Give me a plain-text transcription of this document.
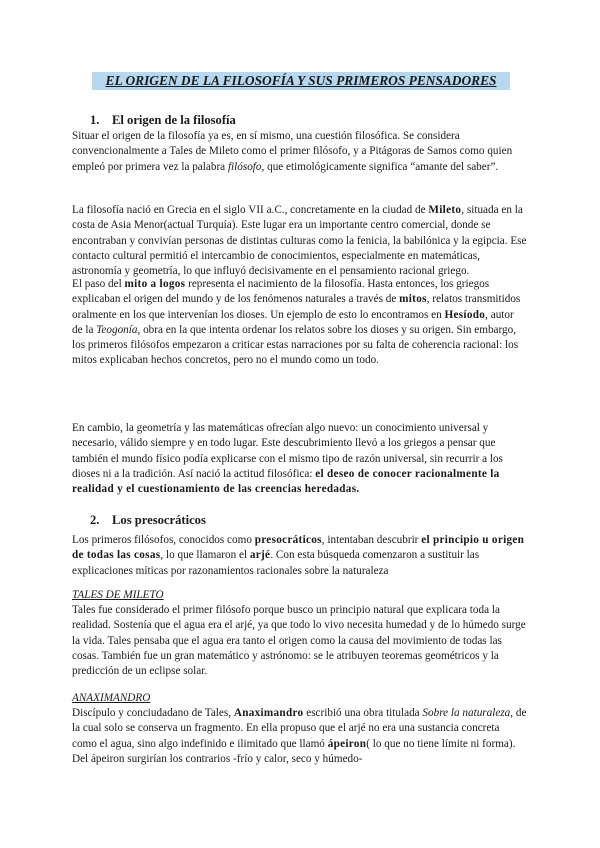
EL ORIGEN DE LA FILOSOFÍA Y SUS PRIMEROS PENSADORES
1. El origen de la filosofía

Situar el origen de la filosofía ya es, en sí mismo, una cuestión filosófica. Se considera convencionalmente a Tales de Mileto como el primer filósofo, y a Pitágoras de Samos como quien empleó por primera vez la palabra filósofo, que etimológicamente significa “amante del saber”.

La filosofía nació en Grecia en el siglo VII a.C., concretamente en la ciudad de Mileto, situada en la costa de Asia Menor(actual Turquía). Este lugar era un importante centro comercial, donde se encontraban y convivían personas de distintas culturas como la fenicia, la babilónica y la egipcia. Ese contacto cultural permitió el intercambio de conocimientos, especialmente en matemáticas, astronomía y geometría, lo que influyó decisivamente en el pensamiento racional griego.

El paso del mito a logos representa el nacimiento de la filosofía. Hasta entonces, los griegos explicaban el origen del mundo y de los fenómenos naturales a través de mitos, relatos transmitidos oralmente en los que intervenían los dioses. Un ejemplo de esto lo encontramos en Hesíodo, autor de la Teogonía, obra en la que intenta ordenar los relatos sobre los dioses y su origen. Sin embargo, los primeros filósofos empezaron a criticar estas narraciones por su falta de coherencia racional: los mitos explicaban hechos concretos, pero no el mundo como un todo.

En cambio, la geometría y las matemáticas ofrecían algo nuevo: un conocimiento universal y necesario, válido siempre y en todo lugar. Este descubrimiento llevó a los griegos a pensar que también el mundo físico podía explicarse con el mismo tipo de razón universal, sin recurrir a los dioses ni a la tradición. Así nació la actitud filosófica: el deseo de conocer racionalmente la realidad y el cuestionamiento de las creencias heredadas.

2. Los presocráticos

Los primeros filósofos, conocidos como presocráticos, intentaban descubrir el principio u origen de todas las cosas, lo que llamaron el arjé. Con esta búsqueda comenzaron a sustituir las explicaciones míticas por razonamientos racionales sobre la naturaleza

TALES DE MILETO

Tales fue considerado el primer filósofo porque busco un principio natural que explicara toda la realidad. Sostenía que el agua era el arjé, ya que todo lo vivo necesita humedad y de lo húmedo surge la vida. Tales pensaba que el agua era tanto el origen como la causa del movimiento de todas las cosas. También fue un gran matemático y astrónomo: se le atribuyen teoremas geométricos y la predicción de un eclipse solar.

ANAXIMANDRO

Discípulo y conciudadano de Tales, Anaximandro escribió una obra titulada Sobre la naturaleza, de la cual solo se conserva un fragmento. En ella propuso que el arjé no era una sustancia concreta como el agua, sino algo indefinido e ilimitado que llamó ápeiron( lo que no tiene límite ni forma). Del ápeiron surgirían los contrarios -frío y calor, seco y húmedo-
